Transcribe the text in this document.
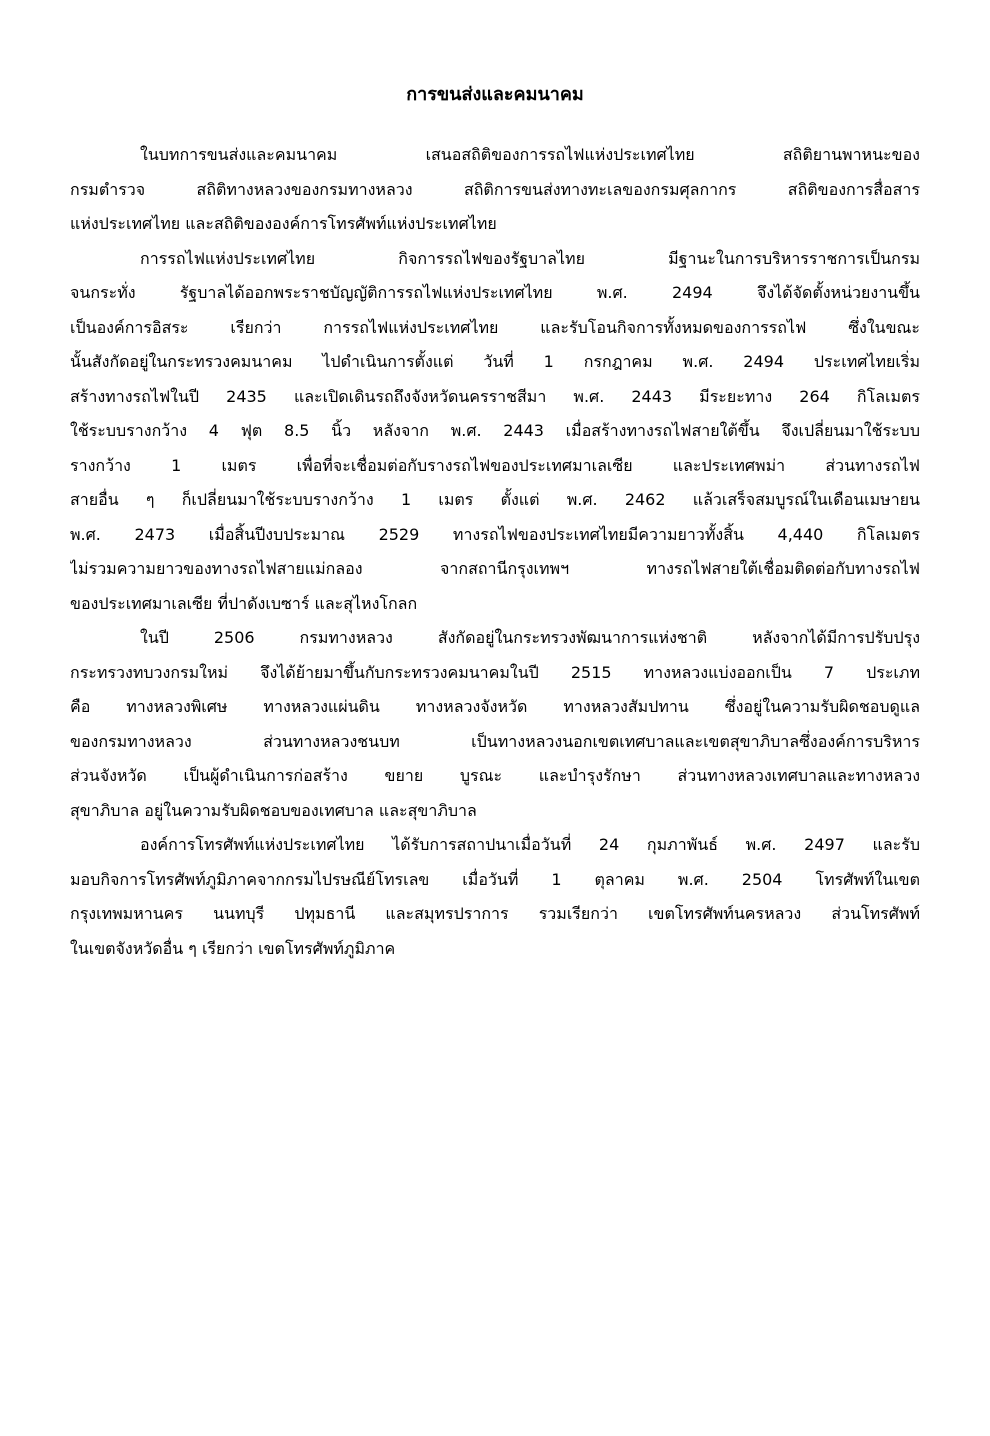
การขนส่งและคมนาคม
ในบทการขนส่งและคมนาคม เสนอสถิติของการรถไฟแห่งประเทศไทย สถิติยานพาหนะของ
กรมตำรวจ สถิติทางหลวงของกรมทางหลวง สถิติการขนส่งทางทะเลของกรมศุลกากร สถิติของการสื่อสาร
แห่งประเทศไทย และสถิติขององค์การโทรศัพท์แห่งประเทศไทย
การรถไฟแห่งประเทศไทย กิจการรถไฟของรัฐบาลไทย มีฐานะในการบริหารราชการเป็นกรม
จนกระทั่ง รัฐบาลได้ออกพระราชบัญญัติการรถไฟแห่งประเทศไทย พ.ศ. 2494 จึงได้จัดตั้งหน่วยงานขึ้น
เป็นองค์การอิสระ เรียกว่า การรถไฟแห่งประเทศไทย และรับโอนกิจการทั้งหมดของการรถไฟ ซึ่งในขณะ
นั้นสังกัดอยู่ในกระทรวงคมนาคม ไปดำเนินการตั้งแต่ วันที่ 1 กรกฎาคม พ.ศ. 2494 ประเทศไทยเริ่ม
สร้างทางรถไฟในปี 2435 และเปิดเดินรถถึงจังหวัดนครราชสีมา พ.ศ. 2443 มีระยะทาง 264 กิโลเมตร
ใช้ระบบรางกว้าง 4 ฟุต 8.5 นิ้ว หลังจาก พ.ศ. 2443 เมื่อสร้างทางรถไฟสายใต้ขึ้น จึงเปลี่ยนมาใช้ระบบ
รางกว้าง 1 เมตร เพื่อที่จะเชื่อมต่อกับรางรถไฟของประเทศมาเลเซีย และประเทศพม่า ส่วนทางรถไฟ
สายอื่น ๆ ก็เปลี่ยนมาใช้ระบบรางกว้าง 1 เมตร ตั้งแต่ พ.ศ. 2462 แล้วเสร็จสมบูรณ์ในเดือนเมษายน
พ.ศ. 2473 เมื่อสิ้นปีงบประมาณ 2529 ทางรถไฟของประเทศไทยมีความยาวทั้งสิ้น 4,440 กิโลเมตร
ไม่รวมความยาวของทางรถไฟสายแม่กลอง จากสถานีกรุงเทพฯ ทางรถไฟสายใต้เชื่อมติดต่อกับทางรถไฟ
ของประเทศมาเลเซีย ที่ปาดังเบซาร์ และสุไหงโกลก
ในปี 2506 กรมทางหลวง สังกัดอยู่ในกระทรวงพัฒนาการแห่งชาติ หลังจากได้มีการปรับปรุง
กระทรวงทบวงกรมใหม่ จึงได้ย้ายมาขึ้นกับกระทรวงคมนาคมในปี 2515 ทางหลวงแบ่งออกเป็น 7 ประเภท
คือ ทางหลวงพิเศษ ทางหลวงแผ่นดิน ทางหลวงจังหวัด ทางหลวงสัมปทาน ซึ่งอยู่ในความรับผิดชอบดูแล
ของกรมทางหลวง ส่วนทางหลวงชนบท เป็นทางหลวงนอกเขตเทศบาลและเขตสุขาภิบาลซึ่งองค์การบริหาร
ส่วนจังหวัด เป็นผู้ดำเนินการก่อสร้าง ขยาย บูรณะ และบำรุงรักษา ส่วนทางหลวงเทศบาลและทางหลวง
สุขาภิบาล อยู่ในความรับผิดชอบของเทศบาล และสุขาภิบาล
องค์การโทรศัพท์แห่งประเทศไทย ได้รับการสถาปนาเมื่อวันที่ 24 กุมภาพันธ์ พ.ศ. 2497 และรับ
มอบกิจการโทรศัพท์ภูมิภาคจากกรมไปรษณีย์โทรเลข เมื่อวันที่ 1 ตุลาคม พ.ศ. 2504 โทรศัพท์ในเขต
กรุงเทพมหานคร นนทบุรี ปทุมธานี และสมุทรปราการ รวมเรียกว่า เขตโทรศัพท์นครหลวง ส่วนโทรศัพท์
ในเขตจังหวัดอื่น ๆ เรียกว่า เขตโทรศัพท์ภูมิภาค
